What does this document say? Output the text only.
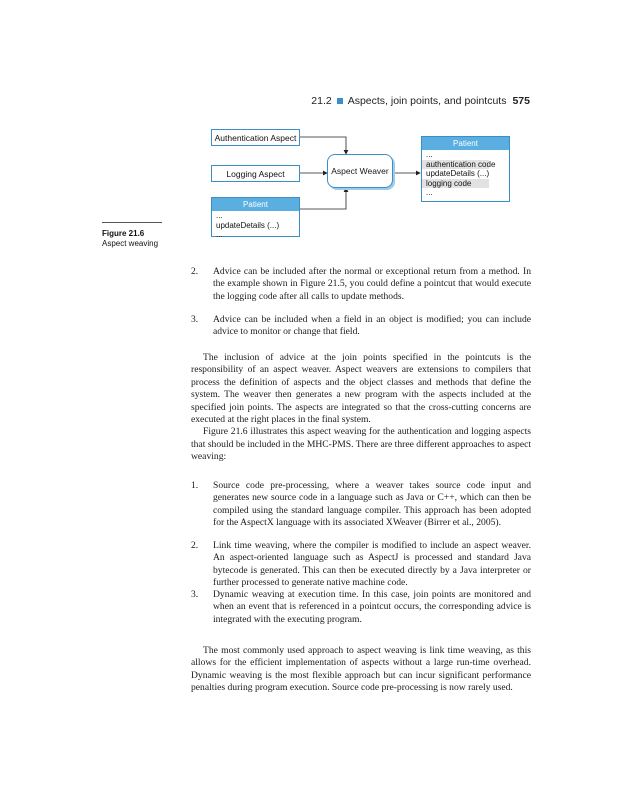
21.2 Aspects, join points, and pointcuts 575
Authentication Aspect
Logging Aspect	Aspect Weaver
Patient
...
updateDetails (...)
...
Patient
...
authentication code
updateDetails (...)
logging code
...
Figure 21.6 Aspect weaving
2. Advice can be included after the normal or exceptional return from a method. In the example shown in Figure 21.5, you could define a pointcut that would execute the logging code after all calls to update methods.
3. Advice can be included when a field in an object is modified; you can include advice to monitor or change that field.

The inclusion of advice at the join points specified in the pointcuts is the responsibility of an aspect weaver. Aspect weavers are extensions to compilers that process the definition of aspects and the object classes and methods that define the system. The weaver then generates a new program with the aspects included at the specified join points. The aspects are integrated so that the cross-cutting concerns are executed at the right places in the final system.

Figure 21.6 illustrates this aspect weaving for the authentication and logging aspects that should be included in the MHC-PMS. There are three different approaches to aspect weaving:

1. Source code pre-processing, where a weaver takes source code input and generates new source code in a language such as Java or C++, which can then be compiled using the standard language compiler. This approach has been adopted for the AspectX language with its associated XWeaver (Birrer et al., 2005).
2. Link time weaving, where the compiler is modified to include an aspect weaver. An aspect-oriented language such as AspectJ is processed and standard Java bytecode is generated. This can then be executed directly by a Java interpreter or further processed to generate native machine code.
3. Dynamic weaving at execution time. In this case, join points are monitored and when an event that is referenced in a pointcut occurs, the corresponding advice is integrated with the executing program.

The most commonly used approach to aspect weaving is link time weaving, as this allows for the efficient implementation of aspects without a large run-time overhead. Dynamic weaving is the most flexible approach but can incur significant performance penalties during program execution. Source code pre-processing is now rarely used.
